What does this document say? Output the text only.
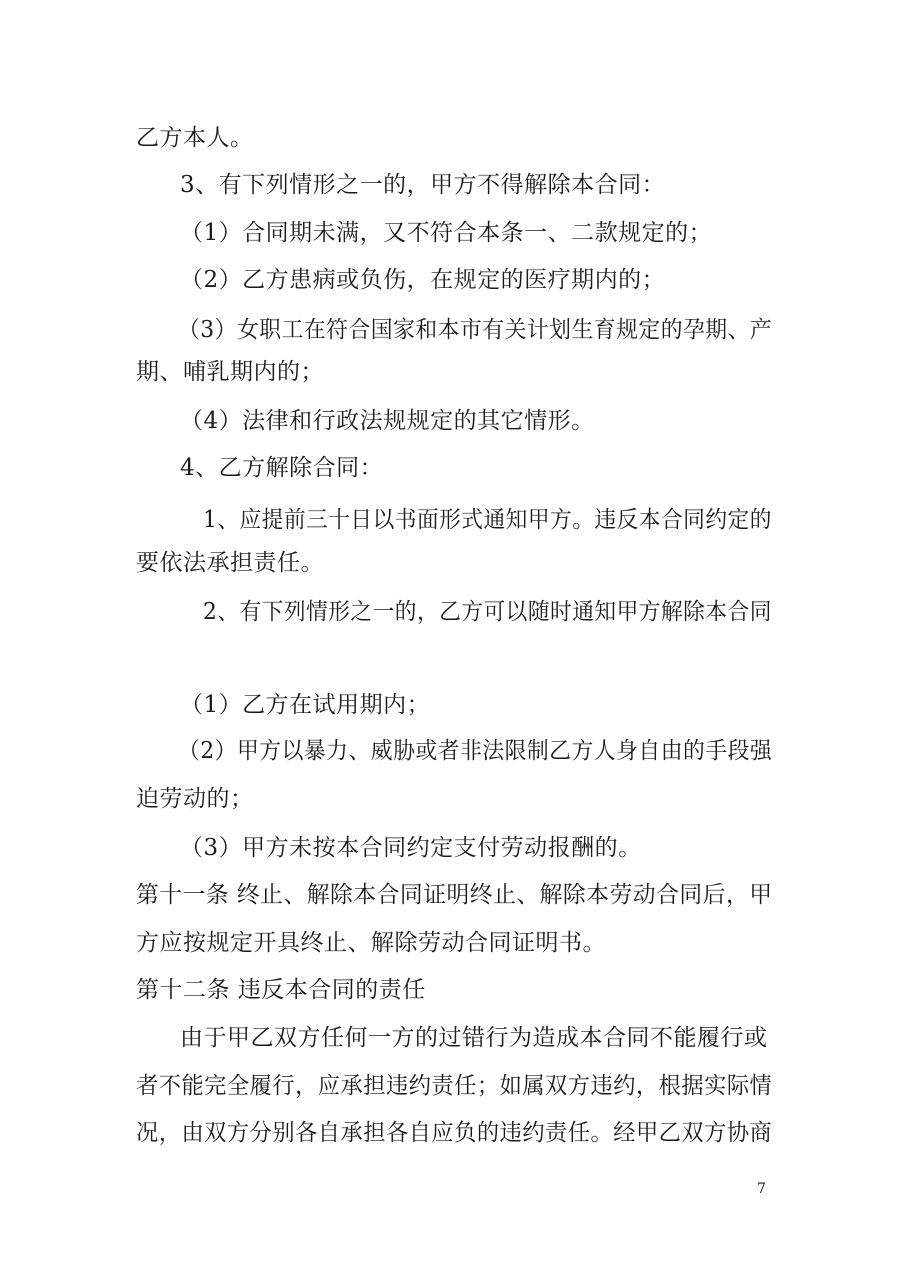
乙方本人。
3、有下列情形之一的，甲方不得解除本合同：
（1）合同期未满，又不符合本条一、二款规定的；
（2）乙方患病或负伤，在规定的医疗期内的；
（3）女职工在符合国家和本市有关计划生育规定的孕期、产
期、哺乳期内的；
（4）法律和行政法规规定的其它情形。
4、乙方解除合同：
1、应提前三十日以书面形式通知甲方。违反本合同约定的
要依法承担责任。
2、有下列情形之一的，乙方可以随时通知甲方解除本合同
（1）乙方在试用期内；
（2）甲方以暴力、威胁或者非法限制乙方人身自由的手段强
迫劳动的；
（3）甲方未按本合同约定支付劳动报酬的。
第十一条 终止、解除本合同证明终止、解除本劳动合同后，甲
方应按规定开具终止、解除劳动合同证明书。
第十二条 违反本合同的责任
由于甲乙双方任何一方的过错行为造成本合同不能履行或
者不能完全履行，应承担违约责任；如属双方违约，根据实际情
况，由双方分别各自承担各自应负的违约责任。经甲乙双方协商
7
